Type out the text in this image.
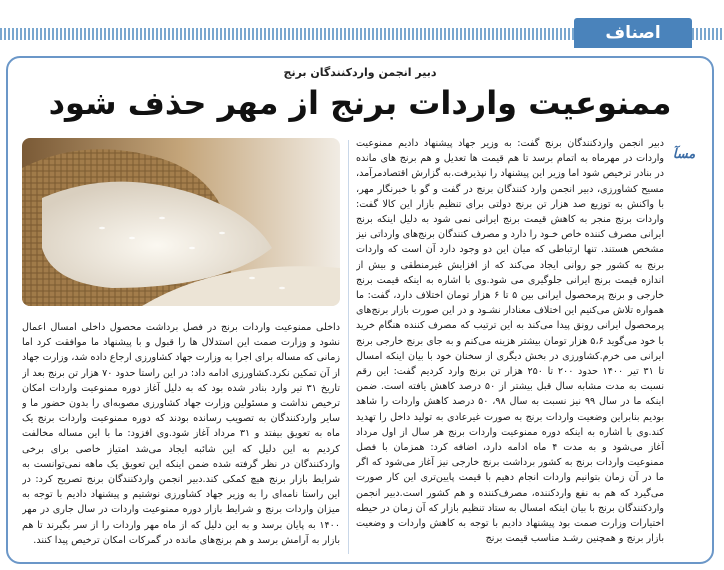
اصناف
دبیر انجمن واردکنندگان برنج
ممنوعیت واردات برنج از مهر حذف شود
مسآ

دبیر انجمن واردکنندگان برنج گفت: به وزیر جهاد پیشنهاد دادیم ممنوعیت واردات در مهرماه به اتمام برسد تا هم قیمت ها تعدیل و هم برنج های مانده در بنادر ترخیص شود اما وزیر این پیشنهاد را نپذیرفت.به گزارش اقتصادمرآمد، مسیح کشاورزی، دبیر انجمن وارد کنندگان برنج در گفت و گو با خبرنگار مهر، با واکنش به توزیع صد هزار تن برنج دولتی برای تنظیم بازار این کالا گفت: واردات برنج منجر به کاهش قیمت برنج ایرانی نمی شود به دلیل اینکه برنج ایرانی مصرف کننده خاص خـود را دارد و مصرف کنندگان برنج‌های وارداتی نیز مشخص هستند. تنها ارتباطی که میان این دو وجود دارد آن است که واردات برنج به کشور جو روانی ایجاد می‌کند که از افزایش غیرمنطقی و بیش از اندازه قیمت برنج ایرانی جلوگیری می شود.وی با اشاره به اینکه قیمت برنج خارجی و برنج پرمحصول ایرانی بین ۵ تا ۶ هزار تومان اختلاف دارد، گفت: ما همواره تلاش می‌کنیم این اختلاف معنادار نشـود و در این صورت بازار برنج‌های پرمحصول ایرانی رونق پیدا می‌کند به این ترتیب که مصرف کننده هنگام خرید با خود می‌گوید ۵،۶ هزار تومان بیشتر هزینه می‌کنم و به جای برنج خارجی برنج ایرانی می خرم.کشاورزی در بخش دیگری از سخنان خود با بیان اینکه امسال تا ۳۱ تیر ۱۴۰۰ حدود ۲۰۰ تا ۲۵۰ هزار تن برنج وارد کردیم گفت: این رقم نسبت به مدت مشابه سال قبل بیشتر از ۵۰ درصد کاهش یافته است. ضمن اینکه ما در سال ۹۹ نیز نسبت به سال ۹۸، ۵۰ درصد کاهش واردات را شاهد بودیم بنابراین وضعیت واردات برنج به صورت غیرعادی به تولید داخل را تهدید کند.وی با اشاره به اینکه دوره ممنوعیت واردات برنج هر سال از اول مرداد آغاز می‌شود و به مدت ۴ ماه ادامه دارد، اضافه کرد: همزمان با فصل ممنوعیت واردات برنج به کشور برداشت برنج خارجی نیز آغاز می‌شود که اگر ما در آن زمان بتوانیم واردات انجام دهیم با قیمت پایین‌تری این کار صورت می‌گیرد که هم به نفع واردکننده، مصرف‌کننده و هم کشور است.دبیر انجمن واردکنندگان برنج با بیان اینکه امسال به ستاد تنظیم بازار که آن زمان در حیطه اختیارات وزارت صمت بود پیشنهاد دادیم با توجه به کاهش واردات و وضعیت بازار برنج و همچنین رشـد مناسب قیمت برنج

داخلی ممنوعیت واردات برنج در فصل برداشت محصول داخلی امسال اعمال نشود و وزارت صمت این استدلال ها را قبول و با پیشنهاد ما موافقت کرد اما زمانی که مساله برای اجرا به وزارت جهاد کشاورزی ارجاع داده شد، وزارت جهاد از آن تمکین نکرد.کشاورزی ادامه داد: در این راستا حدود ۷۰ هزار تن برنج بعد از تاریخ ۳۱ تیر وارد بنادر شده بود که به دلیل آغاز دوره ممنوعیت واردات امکان ترخیص نداشت و مسئولین وزارت جهاد کشاورزی مصوبه‌ای را بدون حضور ما و سایر واردکنندگان به تصویب رسانده بودند که دوره ممنوعیت واردات برنج یک ماه به تعویق بیفتد و ۳۱ مرداد آغاز شود.وی افزود: ما با این مساله مخالفت کردیم به این دلیل که این شائبه ایجاد می‌شد امتیاز خاصی برای برخی واردکنندگان در نظر گرفته شده ضمن اینکه این تعویق یک ماهه نمی‌توانست به شرایط بازار برنج هیچ کمکی کند.دبیر انجمن واردکنندگان برنج تصریح کرد: در این راستا نامه‌ای را به وزیر جهاد کشاورزی نوشتیم و پیشنهاد دادیم با توجه به میزان واردات برنج و شرایط بازار دوره ممنوعیت واردات در سال جاری در مهر ۱۴۰۰ به پایان برسد و به این دلیل که از ماه مهر واردات را از سر بگیرند تا هم بازار به آرامش برسد و هم برنج‌های مانده در گمرکات امکان ترخیص پیدا کنند.
